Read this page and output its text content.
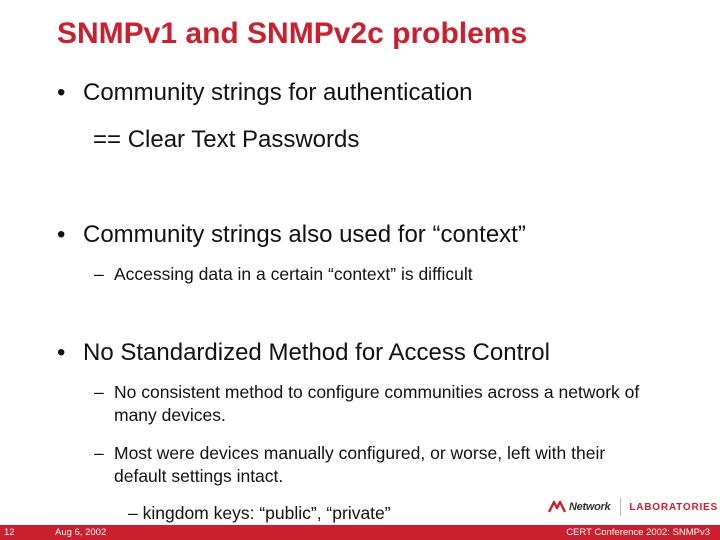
SNMPv1 and SNMPv2c problems
• Community strings for authentication
== Clear Text Passwords
• Community strings also used for “context”
– Accessing data in a certain “context” is difficult
• No Standardized Method for Access Control
– No consistent method to configure communities across a network of many devices.
– Most were devices manually configured, or worse, left with their default settings intact.
– kingdom keys: “public”, “private”	Network LABORATORIES
12	Aug 6, 2002	CERT Conference 2002: SNMPv3
